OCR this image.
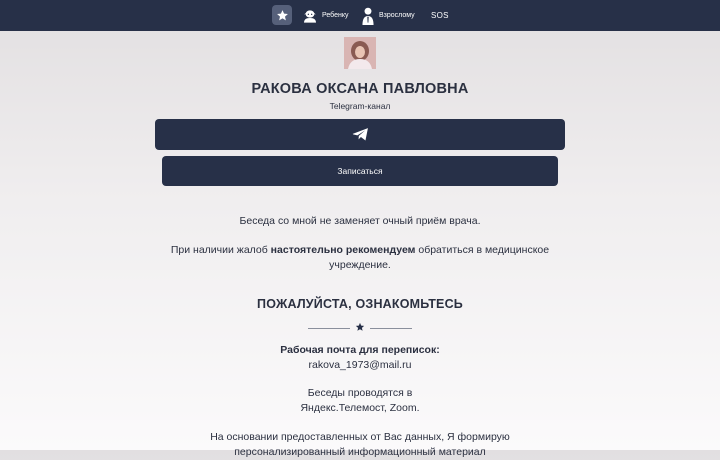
Ребенку	Взрослому SOS
РАКОВА ОКСАНА ПАВЛОВНА
Telegram-канал
Записаться
Беседа со мной не заменяет очный приём врача.
При наличии жалоб настоятельно рекомендуем обратиться в медицинское
учреждение.
ПОЖАЛУЙСТА, ОЗНАКОМЬТЕСЬ
Рабочая почта для переписок:
rakova_1973@mail.ru
Беседы проводятся в
Яндекс.Телемост, Zoom.
На основании предоставленных от Вас данных, Я формирую
персонализированный информационный материал
